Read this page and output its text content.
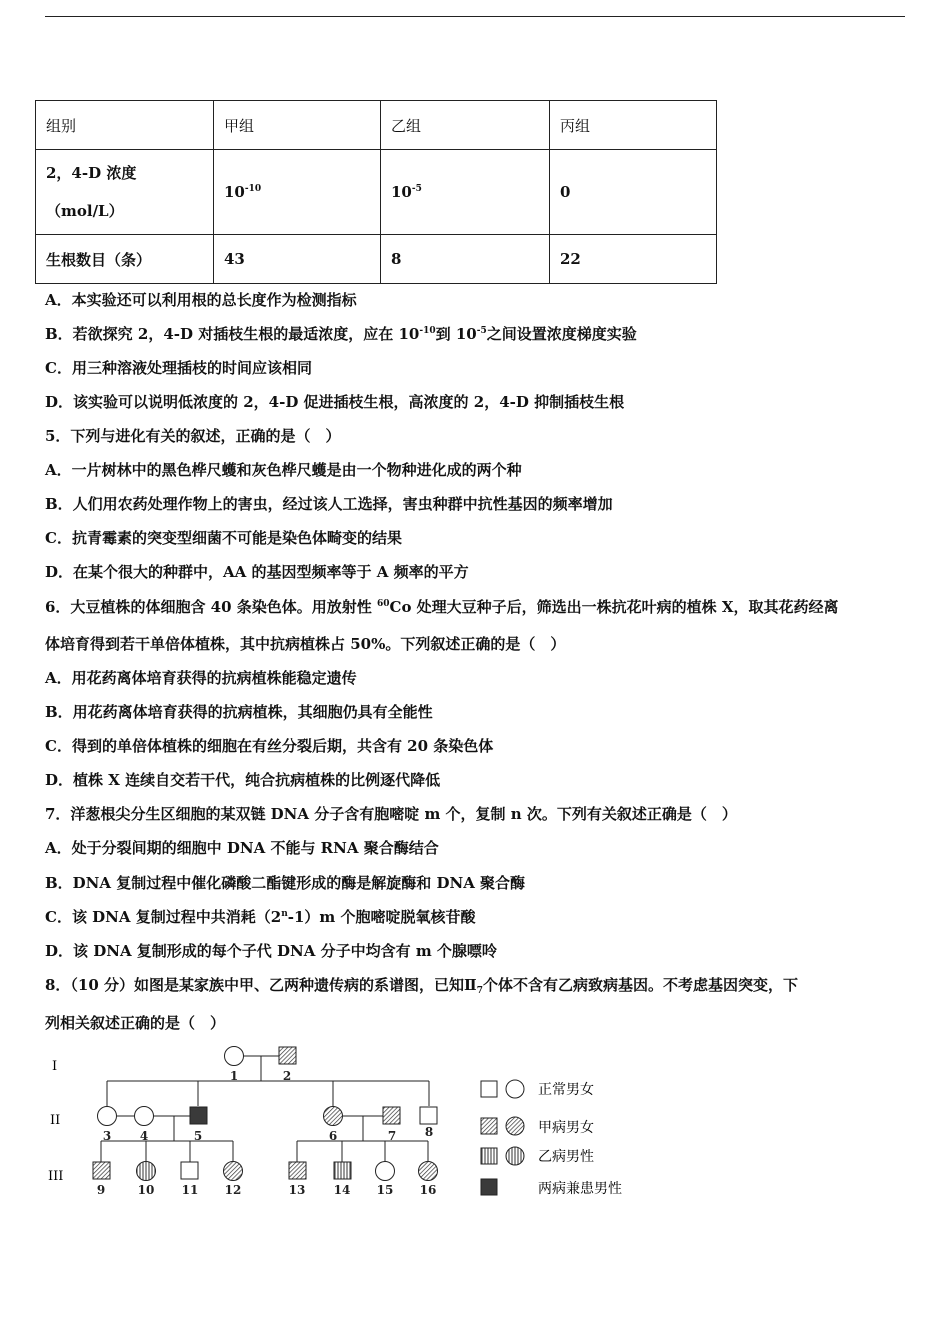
组别	甲组	乙组	丙组

2，4-D 浓度
（mol/L）	$10^{-10}$	$10^{-5}$	0
生根数目（条）	43	8	22
A．本实验还可以利用根的总长度作为检测指标
B．若欲探究 2，4-D 对插枝生根的最适浓度，应在 $10^{-10}$到 $10^{-5}$之间设置浓度梯度实验
C．用三种溶液处理插枝的时间应该相同
D．该实验可以说明低浓度的 2，4-D 促进插枝生根，高浓度的 2，4-D 抑制插枝生根
5．下列与进化有关的叙述，正确的是（　）
A．一片树林中的黑色桦尺蠖和灰色桦尺蠖是由一个物种进化成的两个种
B．人们用农药处理作物上的害虫，经过该人工选择，害虫种群中抗性基因的频率增加
C．抗青霉素的突变型细菌不可能是染色体畸变的结果
D．在某个很大的种群中，AA 的基因型频率等于 A 频率的平方
6．大豆植株的体细胞含 40 条染色体。用放射性 $^{60}$Co 处理大豆种子后，筛选出一株抗花叶病的植株 X，取其花药经离
体培育得到若干单倍体植株，其中抗病植株占 50%。下列叙述正确的是（　）
A．用花药离体培育获得的抗病植株能稳定遗传
B．用花药离体培育获得的抗病植株，其细胞仍具有全能性
C．得到的单倍体植株的细胞在有丝分裂后期，共含有 20 条染色体
D．植株 X 连续自交若干代，纯合抗病植株的比例逐代降低
7．洋葱根尖分生区细胞的某双链 DNA 分子含有胞嘧啶 m 个，复制 n 次。下列有关叙述正确是（　）
A．处于分裂间期的细胞中 DNA 不能与 RNA 聚合酶结合
B．DNA 复制过程中催化磷酸二酯键形成的酶是解旋酶和 DNA 聚合酶
C．该 DNA 复制过程中共消耗（2$^n$-1）m 个胞嘧啶脱氧核苷酸
D．该 DNA 复制形成的每个子代 DNA 分子中均含有 m 个腺嘌呤
8．（10 分）如图是某家族中甲、乙两种遗传病的系谱图，已知$Ⅱ_7$个体不含有乙病致病基因。不考虑基因突变，下
列相关叙述正确的是（　）
I
II
III
1	2
3 4	5	6	7 8
9	10 11 12	13 14 15 16
正常男女
甲病男女
乙病男性
两病兼患男性
